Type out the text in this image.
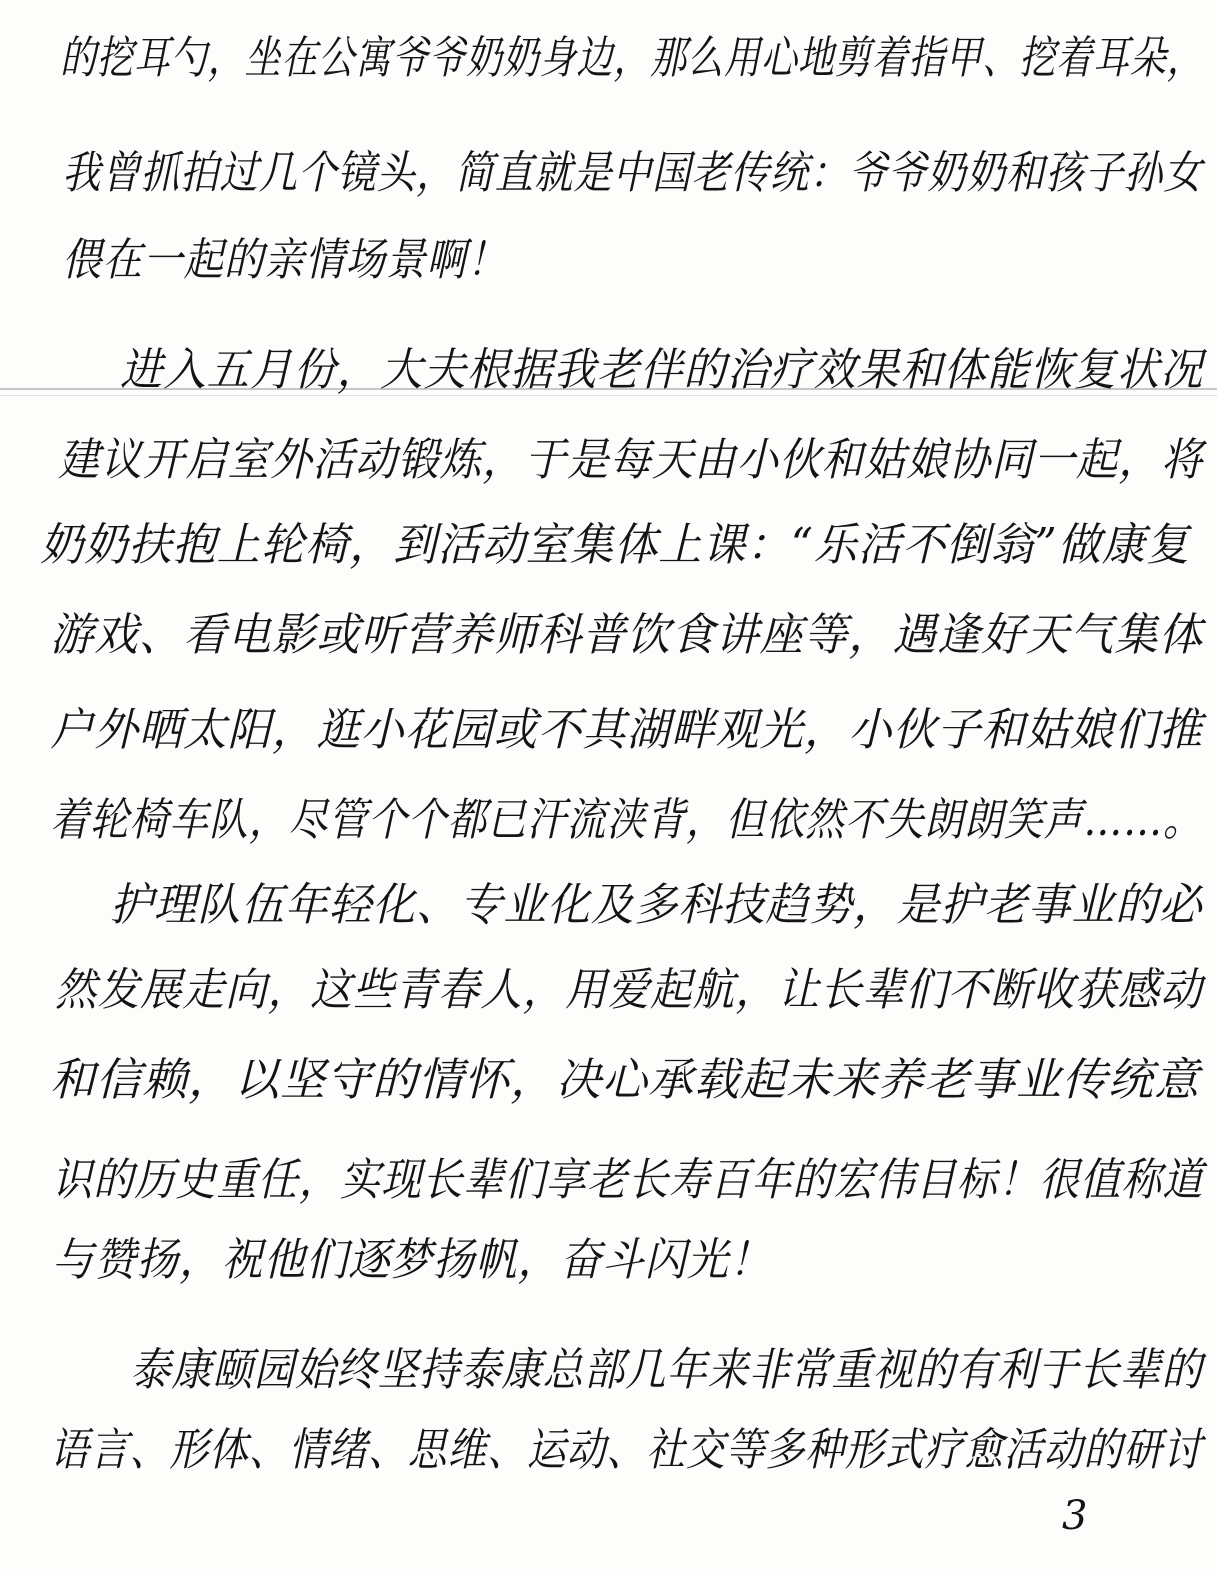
的挖耳勺，坐在公寓爷爷奶奶身边，那么用心地剪着指甲、挖着耳朵，
我曾抓拍过几个镜头，简直就是中国老传统：爷爷奶奶和孩子孙女
偎在一起的亲情场景啊！
进入五月份，大夫根据我老伴的治疗效果和体能恢复状况
建议开启室外活动锻炼，于是每天由小伙和姑娘协同一起，将
奶奶扶抱上轮椅，到活动室集体上课：“乐活不倒翁”做康复
游戏、看电影或听营养师科普饮食讲座等，遇逢好天气集体
户外晒太阳，逛小花园或不其湖畔观光，小伙子和姑娘们推
着轮椅车队，尽管个个都已汗流浃背，但依然不失朗朗笑声……。
护理队伍年轻化、专业化及多科技趋势，是护老事业的必
然发展走向，这些青春人，用爱起航，让长辈们不断收获感动
和信赖，以坚守的情怀，决心承载起未来养老事业传统意
识的历史重任，实现长辈们享老长寿百年的宏伟目标！很值称道
与赞扬，祝他们逐梦扬帆，奋斗闪光！
泰康颐园始终坚持泰康总部几年来非常重视的有利于长辈的
语言、形体、情绪、思维、运动、社交等多种形式疗愈活动的研讨
3
